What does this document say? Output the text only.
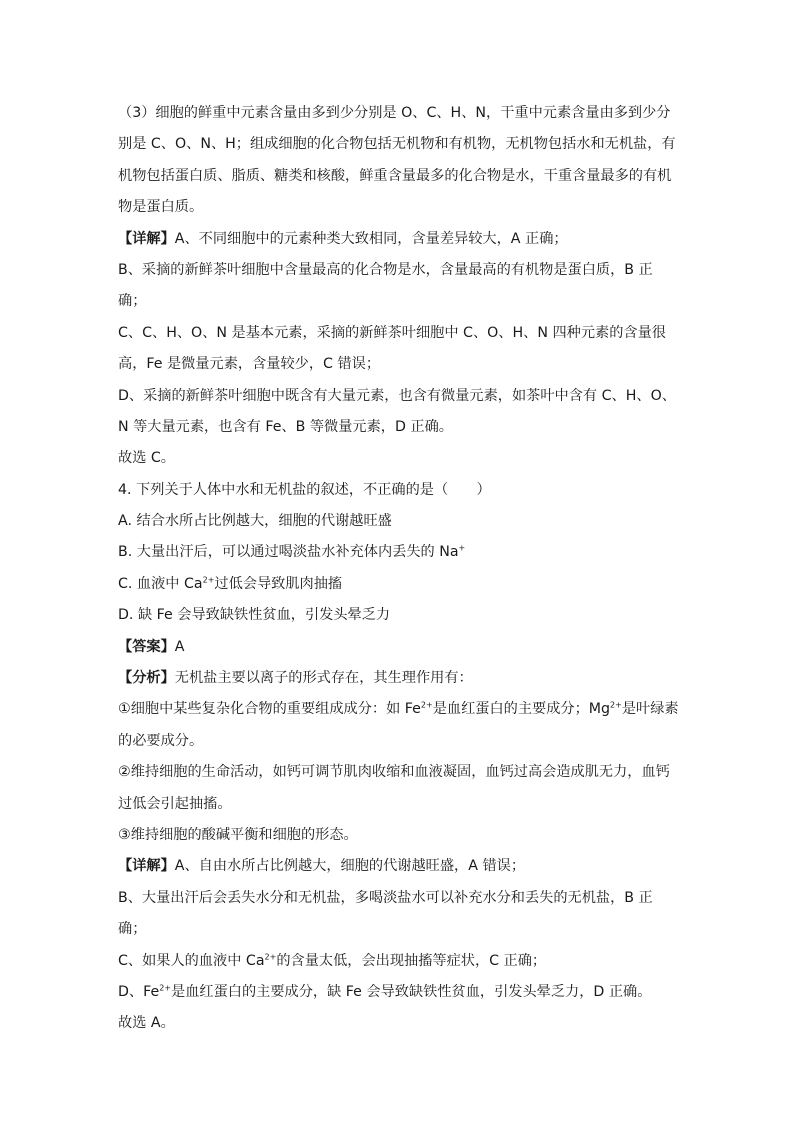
（3）细胞的鲜重中元素含量由多到少分别是 O、C、H、N，干重中元素含量由多到少分
别是 C、O、N、H；组成细胞的化合物包括无机物和有机物，无机物包括水和无机盐，有
机物包括蛋白质、脂质、糖类和核酸，鲜重含量最多的化合物是水，干重含量最多的有机
物是蛋白质。
【详解】A、不同细胞中的元素种类大致相同，含量差异较大，A 正确；
B、采摘的新鲜茶叶细胞中含量最高的化合物是水，含量最高的有机物是蛋白质，B 正
确；
C、C、H、O、N 是基本元素，采摘的新鲜茶叶细胞中 C、O、H、N 四种元素的含量很
高，Fe 是微量元素，含量较少，C 错误；
D、采摘的新鲜茶叶细胞中既含有大量元素，也含有微量元素，如茶叶中含有 C、H、O、
N 等大量元素，也含有 Fe、B 等微量元素，D 正确。
故选 C。
4. 下列关于人体中水和无机盐的叙述，不正确的是（　　）
A. 结合水所占比例越大，细胞的代谢越旺盛
B. 大量出汗后，可以通过喝淡盐水补充体内丢失的 Na+
C. 血液中 $Ca^{2+}$过低会导致肌肉抽搐
D. 缺 Fe 会导致缺铁性贫血，引发头晕乏力
【答案】A
【分析】无机盐主要以离子的形式存在，其生理作用有：
①细胞中某些复杂化合物的重要组成成分：如 $Fe^{2+}$是血红蛋白的主要成分；$Mg^{2+}$是叶绿素
的必要成分。
②维持细胞的生命活动，如钙可调节肌肉收缩和血液凝固，血钙过高会造成肌无力，血钙
过低会引起抽搐。
③维持细胞的酸碱平衡和细胞的形态。
【详解】A、自由水所占比例越大，细胞的代谢越旺盛，A 错误；
B、大量出汗后会丢失水分和无机盐，多喝淡盐水可以补充水分和丢失的无机盐，B 正
确；
C、如果人的血液中 $Ca^{2+}$的含量太低，会出现抽搐等症状，C 正确；
D、$Fe^{2+}$是血红蛋白的主要成分，缺 Fe 会导致缺铁性贫血，引发头晕乏力，D 正确。
故选 A。
